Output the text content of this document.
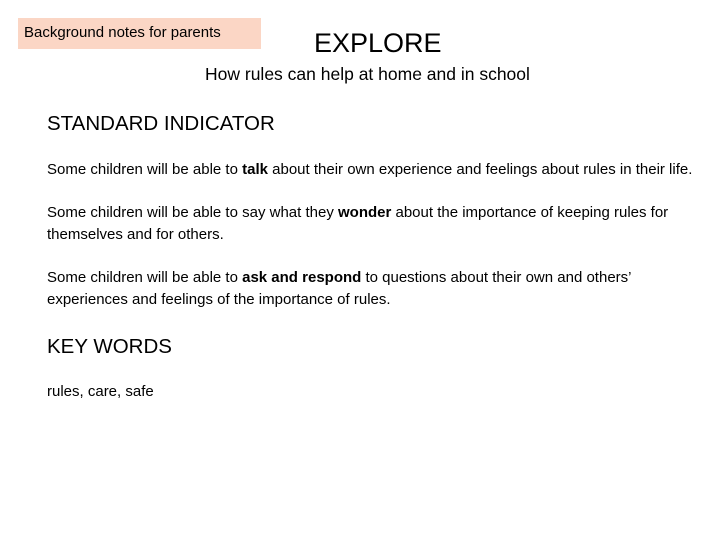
Background notes for parents	EXPLORE
How rules can help at home and in school
STANDARD INDICATOR
Some children will be able to talk about their own experience and feelings about rules in their life.
Some children will be able to say what they wonder about the importance of keeping rules for themselves and for others.
Some children will be able to ask and respond to questions about their own and others’ experiences and feelings of the importance of rules.
KEY WORDS
rules, care, safe
